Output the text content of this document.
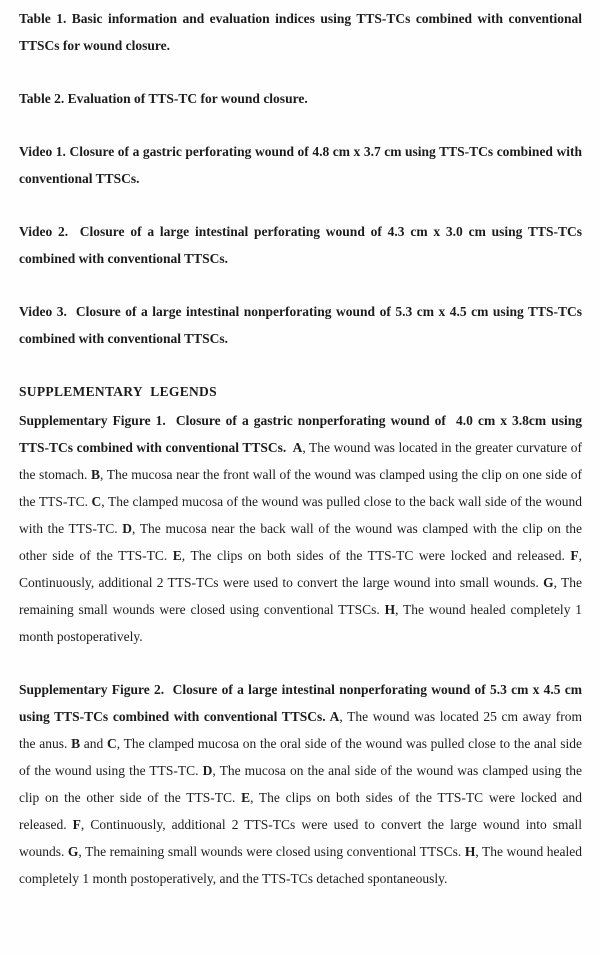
Table 1. Basic information and evaluation indices using TTS-TCs combined with conventional TTSCs for wound closure.

Table 2. Evaluation of TTS-TC for wound closure.

Video 1. Closure of a gastric perforating wound of 4.8 cm x 3.7 cm using TTS-TCs combined with conventional TTSCs.

Video 2.  Closure of a large intestinal perforating wound of 4.3 cm x 3.0 cm using TTS-TCs combined with conventional TTSCs.

Video 3.  Closure of a large intestinal nonperforating wound of 5.3 cm x 4.5 cm using TTS-TCs combined with conventional TTSCs.

SUPPLEMENTARY  LEGENDS

Supplementary Figure 1.  Closure of a gastric nonperforating wound of  4.0 cm x 3.8cm using TTS-TCs combined with conventional TTSCs.  A, The wound was located in the greater curvature of the stomach. B, The mucosa near the front wall of the wound was clamped using the clip on one side of the TTS-TC. C, The clamped mucosa of the wound was pulled close to the back wall side of the wound with the TTS-TC. D, The mucosa near the back wall of the wound was clamped with the clip on the other side of the TTS-TC. E, The clips on both sides of the TTS-TC were locked and released. F, Continuously, additional 2 TTS-TCs were used to convert the large wound into small wounds. G, The remaining small wounds were closed using conventional TTSCs. H, The wound healed completely 1 month postoperatively.

Supplementary Figure 2.  Closure of a large intestinal nonperforating wound of 5.3 cm x 4.5 cm using TTS-TCs combined with conventional TTSCs. A, The wound was located 25 cm away from the anus. B and C, The clamped mucosa on the oral side of the wound was pulled close to the anal side of the wound using the TTS-TC. D, The mucosa on the anal side of the wound was clamped using the clip on the other side of the TTS-TC. E, The clips on both sides of the TTS-TC were locked and released. F, Continuously, additional 2 TTS-TCs were used to convert the large wound into small wounds. G, The remaining small wounds were closed using conventional TTSCs. H, The wound healed completely 1 month postoperatively, and the TTS-TCs detached spontaneously.
